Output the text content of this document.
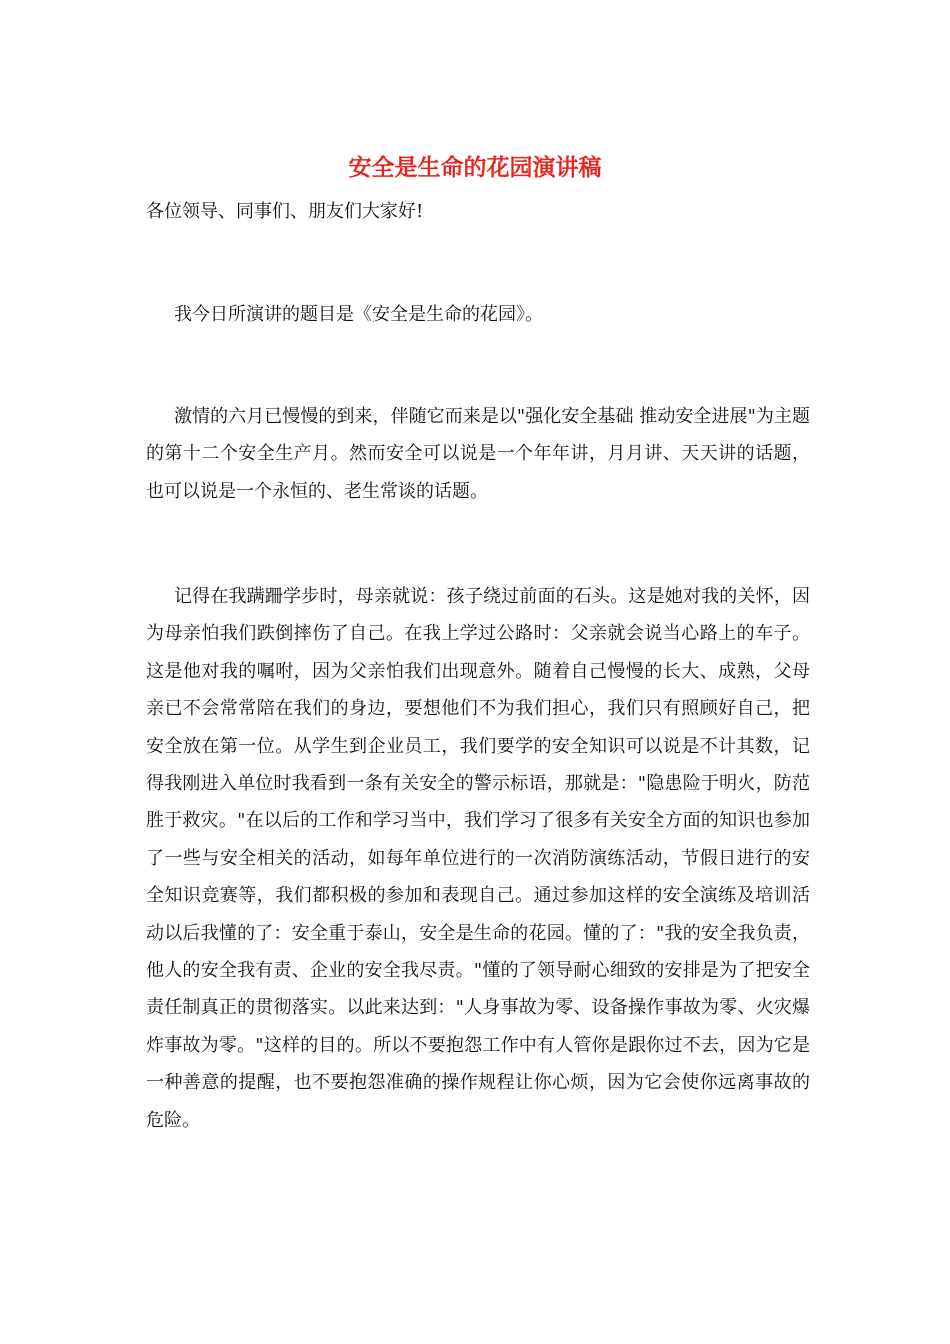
安全是生命的花园演讲稿

各位领导、同事们、朋友们大家好!

我今日所演讲的题目是《安全是生命的花园》。

激情的六月已慢慢的到来，伴随它而来是以"强化安全基础 推动安全进展"为主题的第十二个安全生产月。然而安全可以说是一个年年讲，月月讲、天天讲的话题，也可以说是一个永恒的、老生常谈的话题。

记得在我蹒跚学步时，母亲就说：孩子绕过前面的石头。这是她对我的关怀，因为母亲怕我们跌倒摔伤了自己。在我上学过公路时：父亲就会说当心路上的车子。这是他对我的嘱咐，因为父亲怕我们出现意外。随着自己慢慢的长大、成熟，父母亲已不会常常陪在我们的身边，要想他们不为我们担心，我们只有照顾好自己，把安全放在第一位。从学生到企业员工，我们要学的安全知识可以说是不计其数，记得我刚进入单位时我看到一条有关安全的警示标语，那就是："隐患险于明火，防范胜于救灾。"在以后的工作和学习当中，我们学习了很多有关安全方面的知识也参加了一些与安全相关的活动，如每年单位进行的一次消防演练活动，节假日进行的安全知识竞赛等，我们都积极的参加和表现自己。通过参加这样的安全演练及培训活动以后我懂的了：安全重于泰山，安全是生命的花园。懂的了："我的安全我负责，他人的安全我有责、企业的安全我尽责。"懂的了领导耐心细致的安排是为了把安全责任制真正的贯彻落实。以此来达到："人身事故为零、设备操作事故为零、火灾爆炸事故为零。"这样的目的。所以不要抱怨工作中有人管你是跟你过不去，因为它是一种善意的提醒，也不要抱怨准确的操作规程让你心烦，因为它会使你远离事故的危险。
